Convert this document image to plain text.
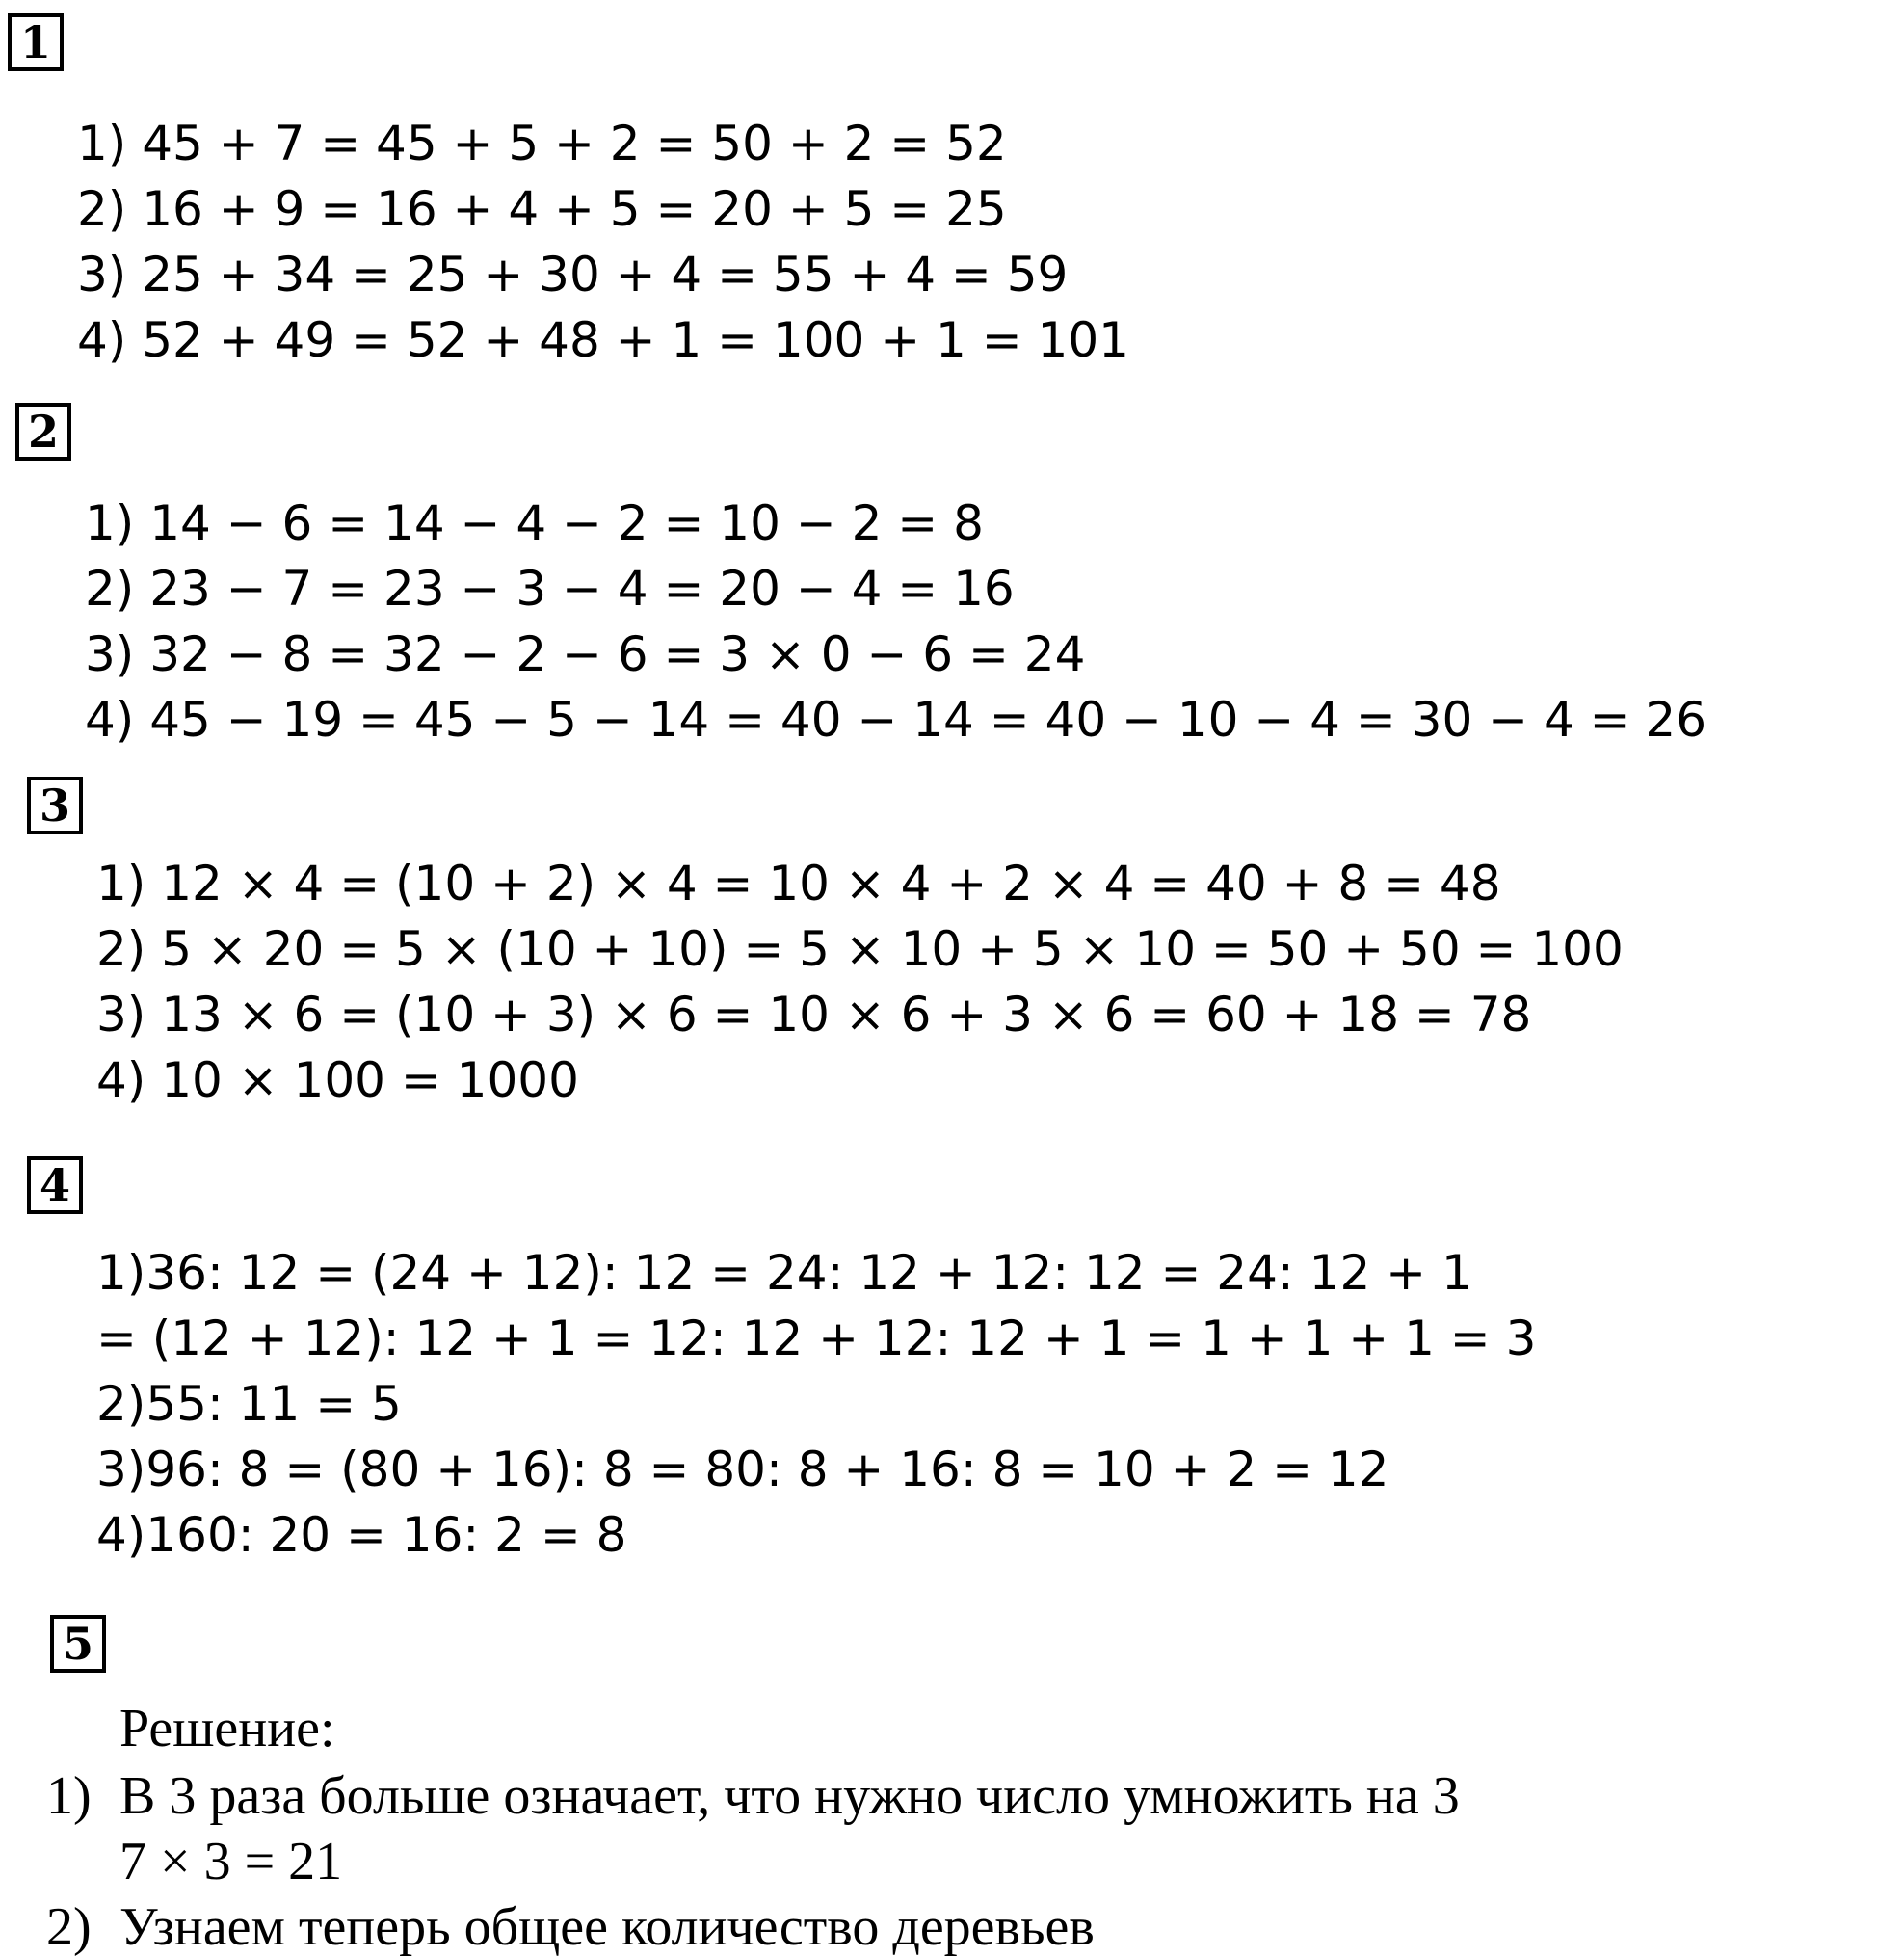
1
1) 45 + 7 = 45 + 5 + 2 = 50 + 2 = 52
2) 16 + 9 = 16 + 4 + 5 = 20 + 5 = 25
3) 25 + 34 = 25 + 30 + 4 = 55 + 4 = 59
4) 52 + 49 = 52 + 48 + 1 = 100 + 1 = 101
2
1) 14 − 6 = 14 − 4 − 2 = 10 − 2 = 8
2) 23 − 7 = 23 − 3 − 4 = 20 − 4 = 16
3) 32 − 8 = 32 − 2 − 6 = 3 × 0 − 6 = 24
4) 45 − 19 = 45 − 5 − 14 = 40 − 14 = 40 − 10 − 4 = 30 − 4 = 26
3
1) 12 × 4 = (10 + 2) × 4 = 10 × 4 + 2 × 4 = 40 + 8 = 48
2) 5 × 20 = 5 × (10 + 10) = 5 × 10 + 5 × 10 = 50 + 50 = 100
3) 13 × 6 = (10 + 3) × 6 = 10 × 6 + 3 × 6 = 60 + 18 = 78
4) 10 × 100 = 1000
4
1)36: 12 = (24 + 12): 12 = 24: 12 + 12: 12 = 24: 12 + 1
= (12 + 12): 12 + 1 = 12: 12 + 12: 12 + 1 = 1 + 1 + 1 = 3
2)55: 11 = 5
3)96: 8 = (80 + 16): 8 = 80: 8 + 16: 8 = 10 + 2 = 12
4)160: 20 = 16: 2 = 8
5
Решение:
1) В 3 раза больше означает, что нужно число умножить на 3
7 × 3 = 21
2) Узнаем теперь общее количество деревьев
